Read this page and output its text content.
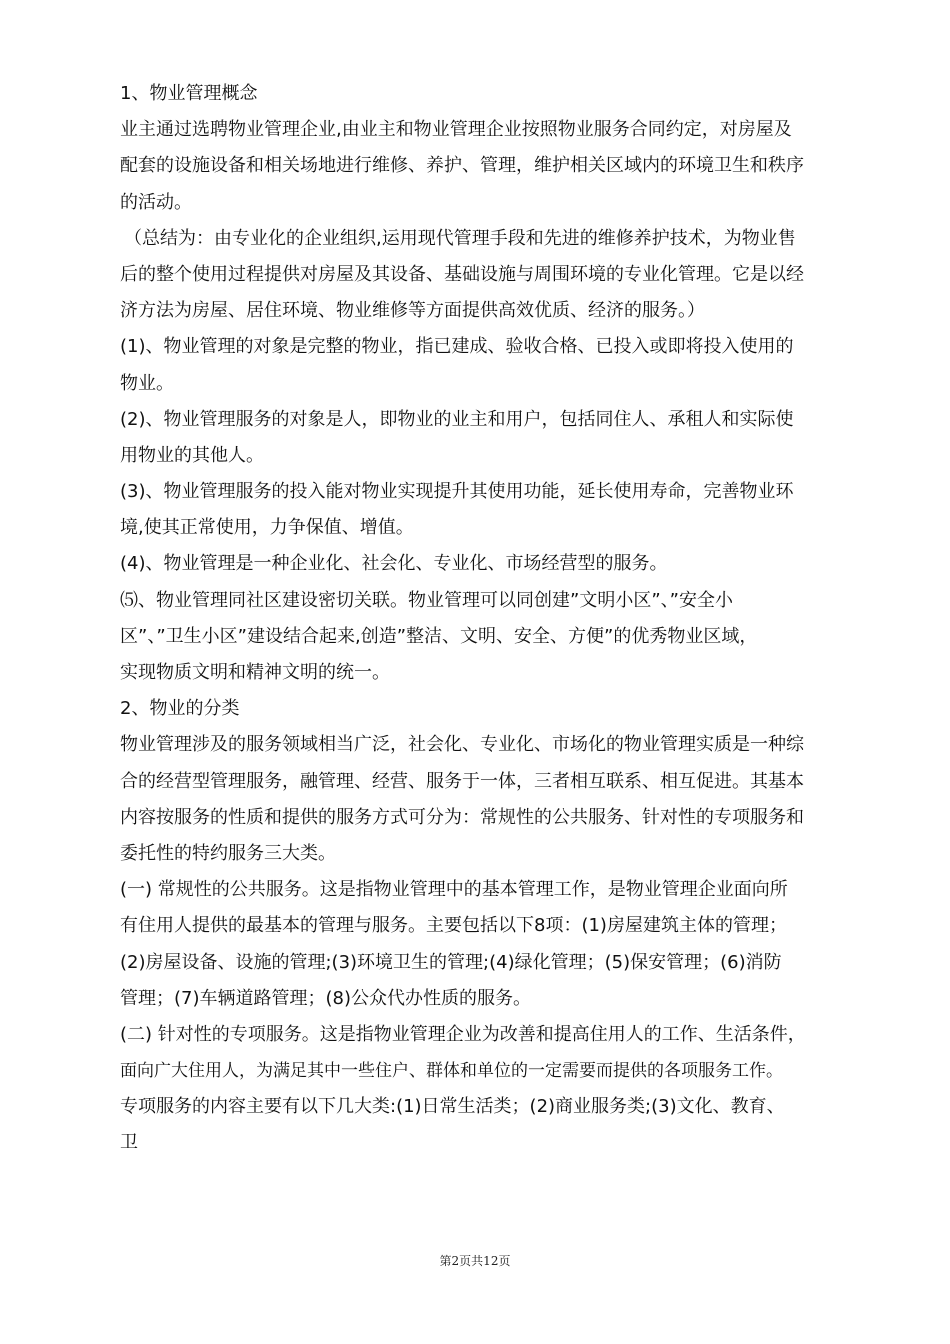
1、物业管理概念
业主通过选聘物业管理企业,由业主和物业管理企业按照物业服务合同约定，对房屋及
配套的设施设备和相关场地进行维修、养护、管理，维护相关区域内的环境卫生和秩序
的活动。
（总结为：由专业化的企业组织,运用现代管理手段和先进的维修养护技术，为物业售
后的整个使用过程提供对房屋及其设备、基础设施与周围环境的专业化管理。它是以经
济方法为房屋、居住环境、物业维修等方面提供高效优质、经济的服务。）
(1)、物业管理的对象是完整的物业，指已建成、验收合格、已投入或即将投入使用的
物业。
(2)、物业管理服务的对象是人，即物业的业主和用户，包括同住人、承租人和实际使
用物业的其他人。
(3)、物业管理服务的投入能对物业实现提升其使用功能，延长使用寿命，完善物业环
境,使其正常使用，力争保值、增值。
(4)、物业管理是一种企业化、社会化、专业化、市场经营型的服务。
⑸、物业管理同社区建设密切关联。物业管理可以同创建”文明小区”、”安全小
区”、”卫生小区”建设结合起来,创造”整洁、文明、安全、方便”的优秀物业区域，
实现物质文明和精神文明的统一。
2、物业的分类
物业管理涉及的服务领域相当广泛，社会化、专业化、市场化的物业管理实质是一种综
合的经营型管理服务，融管理、经营、服务于一体，三者相互联系、相互促进。其基本
内容按服务的性质和提供的服务方式可分为：常规性的公共服务、针对性的专项服务和
委托性的特约服务三大类。
(一) 常规性的公共服务。这是指物业管理中的基本管理工作，是物业管理企业面向所
有住用人提供的最基本的管理与服务。主要包括以下8项：(1)房屋建筑主体的管理；
(2)房屋设备、设施的管理;(3)环境卫生的管理;(4)绿化管理；(5)保安管理；(6)消防
管理；(7)车辆道路管理；(8)公众代办性质的服务。
(二) 针对性的专项服务。这是指物业管理企业为改善和提高住用人的工作、生活条件，
面向广大住用人，为满足其中一些住户、群体和单位的一定需要而提供的各项服务工作。
专项服务的内容主要有以下几大类:(1)日常生活类；(2)商业服务类;(3)文化、教育、
卫
第2页共12页
